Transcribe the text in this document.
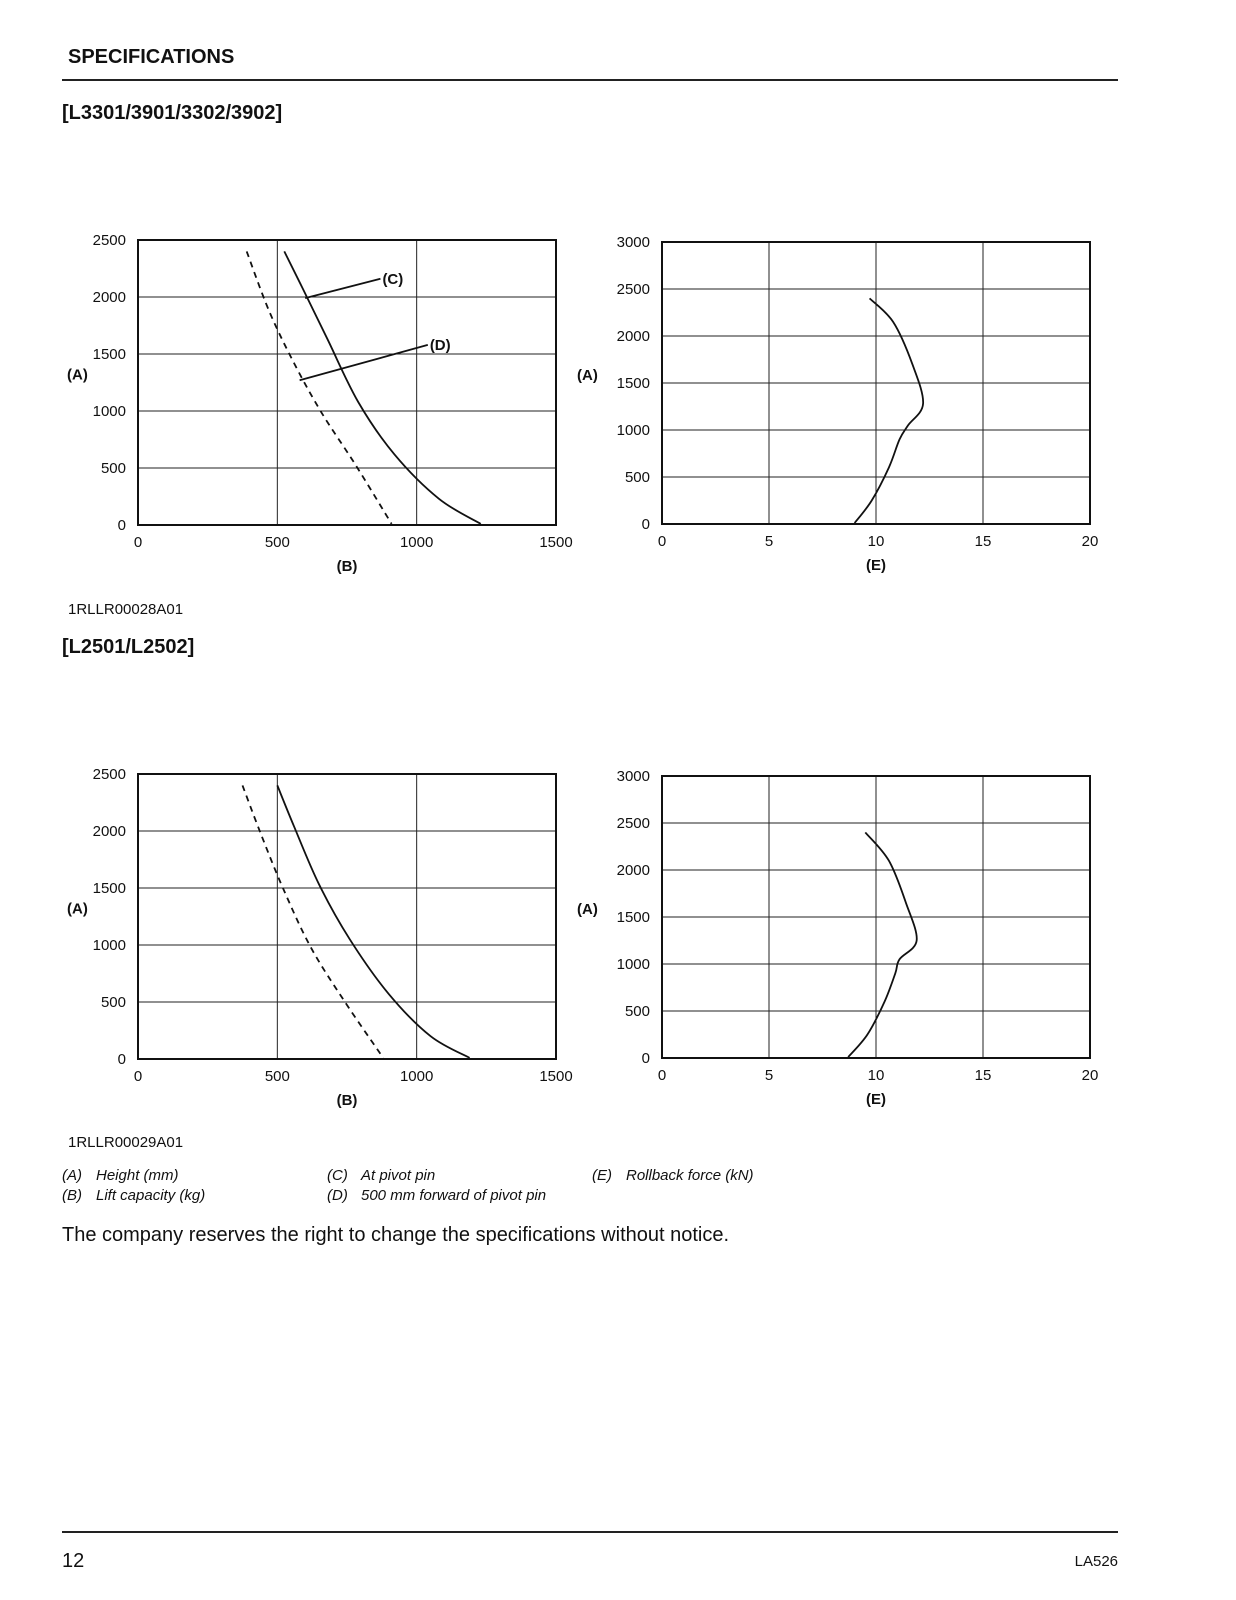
SPECIFICATIONS
[L3301/3901/3302/3902]
0	500	1000	1500
0
500
1000
1500
2000
2500
(B)
(A)
(C)
(D)
0	5	10	15	20
0
500
1000
1500
2000
2500
3000
(E)
(A)
1RLLR00028A01
[L2501/L2502]
0	500	1000	1500
0
500
1000
1500
2000
2500
(B)
(A)
0	5	10	15	20
0
500
1000
1500
2000
2500
3000
(E)
(A)
1RLLR00029A01
(A) Height (mm)
(B) Lift capacity (kg)
(C) At pivot pin
(D) 500 mm forward of pivot pin
(E) Rollback force (kN)
The company reserves the right to change the specifications without notice.
12	LA526
